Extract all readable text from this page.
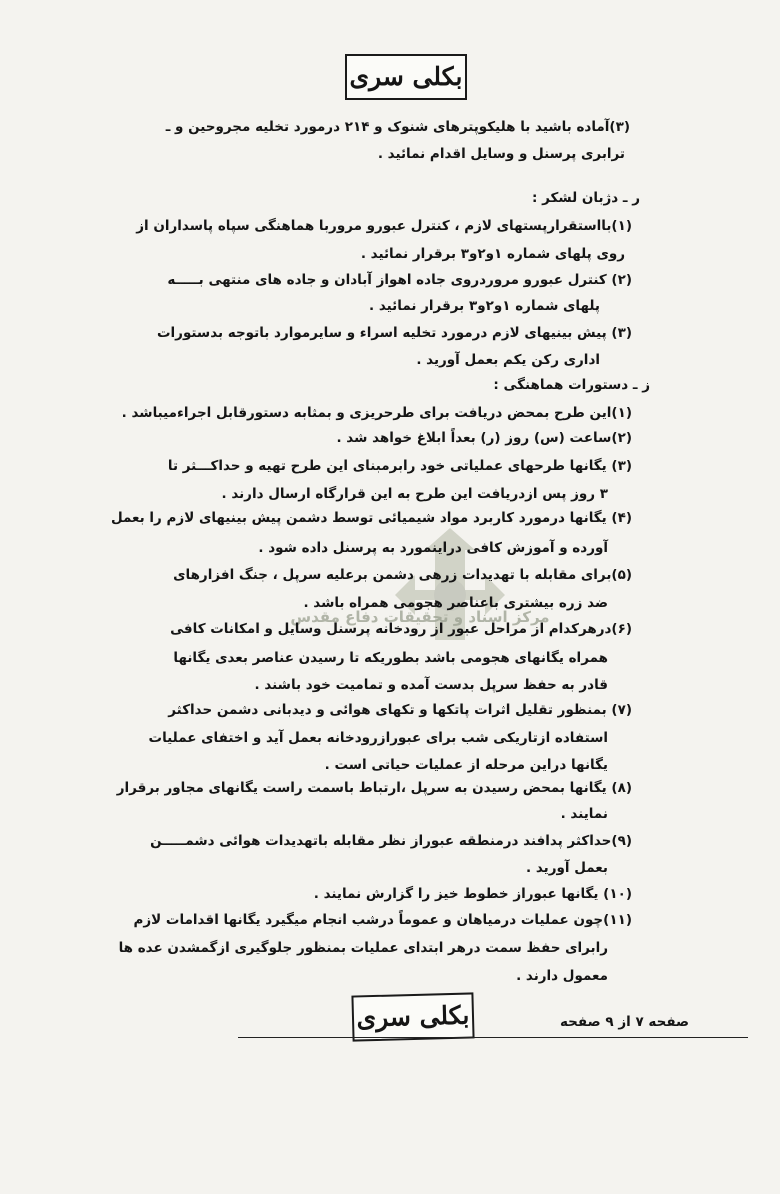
بکلی سری
مرکز اسناد و تحقیقات دفاع مقدس
(۳)آماده باشید با هلیکوپترهای شنوک و ۲۱۴ درمورد تخلیه مجروحین و ـ
ترابری پرسنل و وسایل اقدام نمائید .
ر ـ دژبان لشکر :
(۱)بااستقرارپستهای لازم ، کنترل عبورو مروربا هماهنگی سپاه پاسداران از
روی پلهای شماره ۱و۲و۳ برقرار نمائید .
(۲) کنترل عبورو مروردروی جاده اهواز آبادان و جاده های منتهی بـــــه
پلهای شماره ۱و۲و۳ برقرار نمائید .
(۳) پیش بینیهای لازم درمورد تخلیه اسراء و سایرموارد باتوجه بدستورات
اداری رکن یکم بعمل آورید .
ز ـ دستورات هماهنگی :
(۱)این طرح بمحض دریافت برای طرحریزی و بمثابه دستورقابل اجراءمیباشد .
(۲)ساعت (س) روز (ر) بعداً ابلاغ خواهد شد .
(۳) یگانها طرحهای عملیاتی خود رابرمبنای این طرح تهیه و حداکـــثر تا
۳ روز پس ازدریافت این طرح به این قرارگاه ارسال دارند .
(۴) یگانها درمورد کاربرد مواد شیمیائی توسط دشمن پیش بینیهای لازم را بعمل
آورده و آموزش کافی دراینمورد به پرسنل داده شود .
(۵)برای مقابله با تهدیدات زرهی دشمن برعلیه سرپل ، جنگ افزارهای
ضد زره بیشتری باعناصر هجومی همراه باشد .
(۶)درهرکدام از مراحل عبور از رودخانه پرسنل وسایل و امکانات کافی
همراه یگانهای هجومی باشد بطوریکه تا رسیدن عناصر بعدی یگانها
قادر به حفظ سرپل بدست آمده و تمامیت خود باشند .
(۷) بمنظور تقلیل اثرات پاتکها و تکهای هوائی و دیدبانی دشمن حداکثر
استفاده ازتاریکی شب برای عبورازرودخانه بعمل آید و اختفای عملیات
یگانها دراین مرحله از عملیات حیاتی است .
(۸) یگانها بمحض رسیدن به سرپل ،ارتباط باسمت راست یگانهای مجاور برقرار
نمایند .
(۹)حداکثر پدافند درمنطقه عبوراز نظر مقابله باتهدیدات هوائی دشمـــــن
بعمل آورید .
(۱۰) یگانها عبوراز خطوط خیز را گزارش نمایند .
(۱۱)چون عملیات درمیاهان و عموماً درشب انجام میگیرد یگانها اقدامات لازم
رابرای حفظ سمت درهر ابتدای عملیات بمنظور جلوگیری ازگمشدن عده ها
معمول دارند .
صفحه ۷ از ۹ صفحه
بکلی سری
